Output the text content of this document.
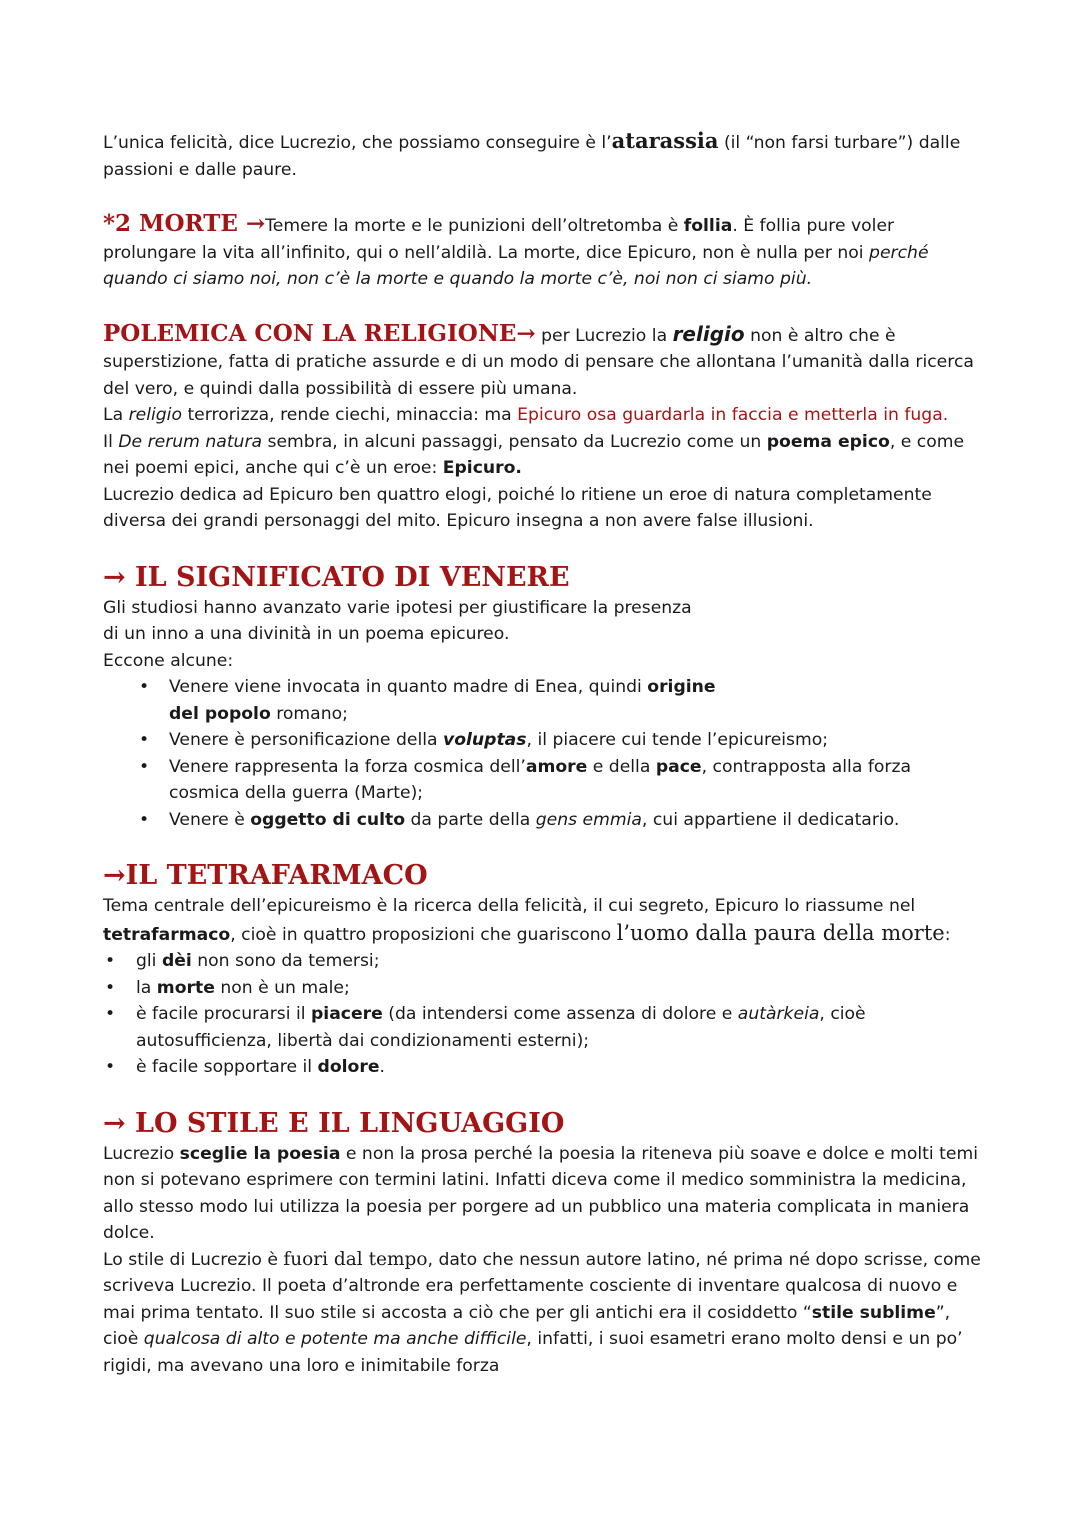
L’unica felicità, dice Lucrezio, che possiamo conseguire è l’atarassia (il “non farsi turbare”) dalle passioni e dalle paure.

*2 MORTE →Temere la morte e le punizioni dell’oltretomba è follia. È follia pure voler prolungare la vita all’infinito, qui o nell’aldilà. La morte, dice Epicuro, non è nulla per noi perché quando ci siamo noi, non c’è la morte e quando la morte c’è, noi non ci siamo più.

POLEMICA CON LA RELIGIONE→ per Lucrezio la religio non è altro che è superstizione, fatta di pratiche assurde e di un modo di pensare che allontana l’umanità dalla ricerca del vero, e quindi dalla possibilità di essere più umana.

La religio terrorizza, rende ciechi, minaccia: ma Epicuro osa guardarla in faccia e metterla in fuga.

Il De rerum natura sembra, in alcuni passaggi, pensato da Lucrezio come un poema epico, e come nei poemi epici, anche qui c’è un eroe: Epicuro.

Lucrezio dedica ad Epicuro ben quattro elogi, poiché lo ritiene un eroe di natura completamente diversa dei grandi personaggi del mito. Epicuro insegna a non avere false illusioni.

→ IL SIGNIFICATO DI VENERE

Gli studiosi hanno avanzato varie ipotesi per giustificare la presenza

di un inno a una divinità in un poema epicureo.

Eccone alcune:

• Venere viene invocata in quanto madre di Enea, quindi origine
del popolo romano;
• Venere è personificazione della voluptas, il piacere cui tende l’epicureismo;
• Venere rappresenta la forza cosmica dell’amore e della pace, contrapposta alla forza cosmica della guerra (Marte);
• Venere è oggetto di culto da parte della gens emmia, cui appartiene il dedicatario.
→IL TETRAFARMACO

Tema centrale dell’epicureismo è la ricerca della felicità, il cui segreto, Epicuro lo riassume nel tetrafarmaco, cioè in quattro proposizioni che guariscono l’uomo dalla paura della morte:

• gli dèi non sono da temersi;
• la morte non è un male;
• è facile procurarsi il piacere (da intendersi come assenza di dolore e autàrkeia, cioè autosufficienza, libertà dai condizionamenti esterni);
• è facile sopportare il dolore.
→ LO STILE E IL LINGUAGGIO

Lucrezio sceglie la poesia e non la prosa perché la poesia la riteneva più soave e dolce e molti temi non si potevano esprimere con termini latini. Infatti diceva come il medico somministra la medicina, allo stesso modo lui utilizza la poesia per porgere ad un pubblico una materia complicata in maniera dolce.

Lo stile di Lucrezio è fuori dal tempo, dato che nessun autore latino, né prima né dopo scrisse, come scriveva Lucrezio. Il poeta d’altronde era perfettamente cosciente di inventare qualcosa di nuovo e mai prima tentato. Il suo stile si accosta a ciò che per gli antichi era il cosiddetto “stile sublime”, cioè qualcosa di alto e potente ma anche difficile, infatti, i suoi esametri erano molto densi e un po’ rigidi, ma avevano una loro e inimitabile forza
